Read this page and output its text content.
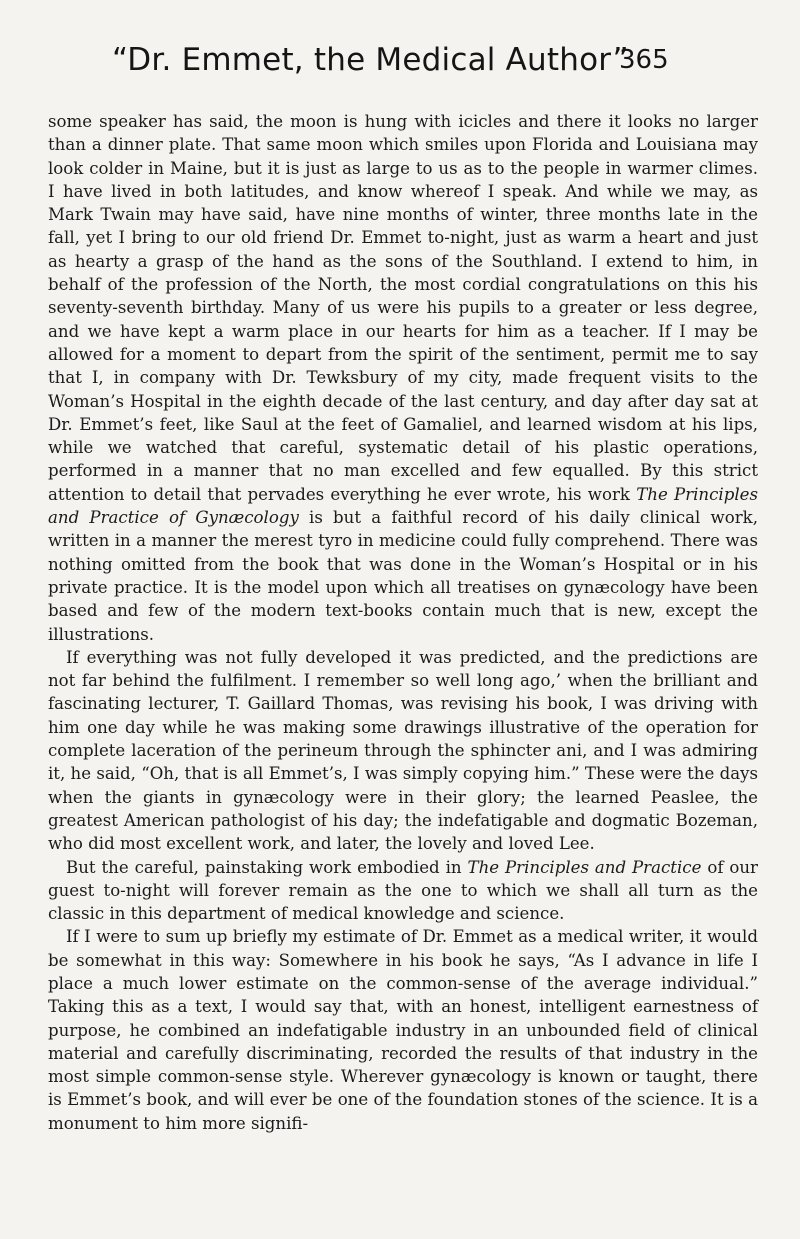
“Dr. Emmet, the Medical Author”
365

some speaker has said, the moon is hung with icicles and there it looks no larger than a dinner plate. That same moon which smiles upon Florida and Louisiana may look colder in Maine, but it is just as large to us as to the people in warmer climes. I have lived in both latitudes, and know whereof I speak. And while we may, as Mark Twain may have said, have nine months of winter, three months late in the fall, yet I bring to our old friend Dr. Emmet to-night, just as warm a heart and just as hearty a grasp of the hand as the sons of the Southland. I extend to him, in behalf of the profession of the North, the most cordial congratulations on this his seventy-seventh birthday. Many of us were his pupils to a greater or less degree, and we have kept a warm place in our hearts for him as a teacher. If I may be allowed for a moment to depart from the spirit of the sentiment, permit me to say that I, in company with Dr. Tewksbury of my city, made frequent visits to the Woman’s Hospital in the eighth decade of the last century, and day after day sat at Dr. Emmet’s feet, like Saul at the feet of Gamaliel, and learned wisdom at his lips, while we watched that careful, systematic detail of his plastic operations, performed in a manner that no man excelled and few equalled. By this strict attention to detail that pervades everything he ever wrote, his work The Principles and Practice of Gynæcology is but a faithful record of his daily clinical work, written in a manner the merest tyro in medicine could fully comprehend. There was nothing omitted from the book that was done in the Woman’s Hospital or in his private practice. It is the model upon which all treatises on gynæcology have been based and few of the modern text-books contain much that is new, except the illustrations.

If everything was not fully developed it was predicted, and the predictions are not far behind the fulfilment. I remember so well long ago,’ when the brilliant and fascinating lecturer, T. Gaillard Thomas, was revising his book, I was driving with him one day while he was making some drawings illustrative of the operation for complete laceration of the perineum through the sphincter ani, and I was admiring it, he said, “Oh, that is all Emmet’s, I was simply copying him.” These were the days when the giants in gynæcology were in their glory; the learned Peaslee, the greatest American pathologist of his day; the indefatigable and dogmatic Bozeman, who did most excellent work, and later, the lovely and loved Lee.

But the careful, painstaking work embodied in The Principles and Practice of our guest to-night will forever remain as the one to which we shall all turn as the classic in this department of medical knowledge and science.

If I were to sum up briefly my estimate of Dr. Emmet as a medical writer, it would be somewhat in this way: Somewhere in his book he says, “As I advance in life I place a much lower estimate on the common-sense of the average individual.” Taking this as a text, I would say that, with an honest, intelligent earnestness of purpose, he combined an indefatigable industry in an unbounded field of clinical material and carefully discriminating, recorded the results of that industry in the most simple common-sense style. Wherever gynæcology is known or taught, there is Emmet’s book, and will ever be one of the foundation stones of the science. It is a monument to him more signifi-
